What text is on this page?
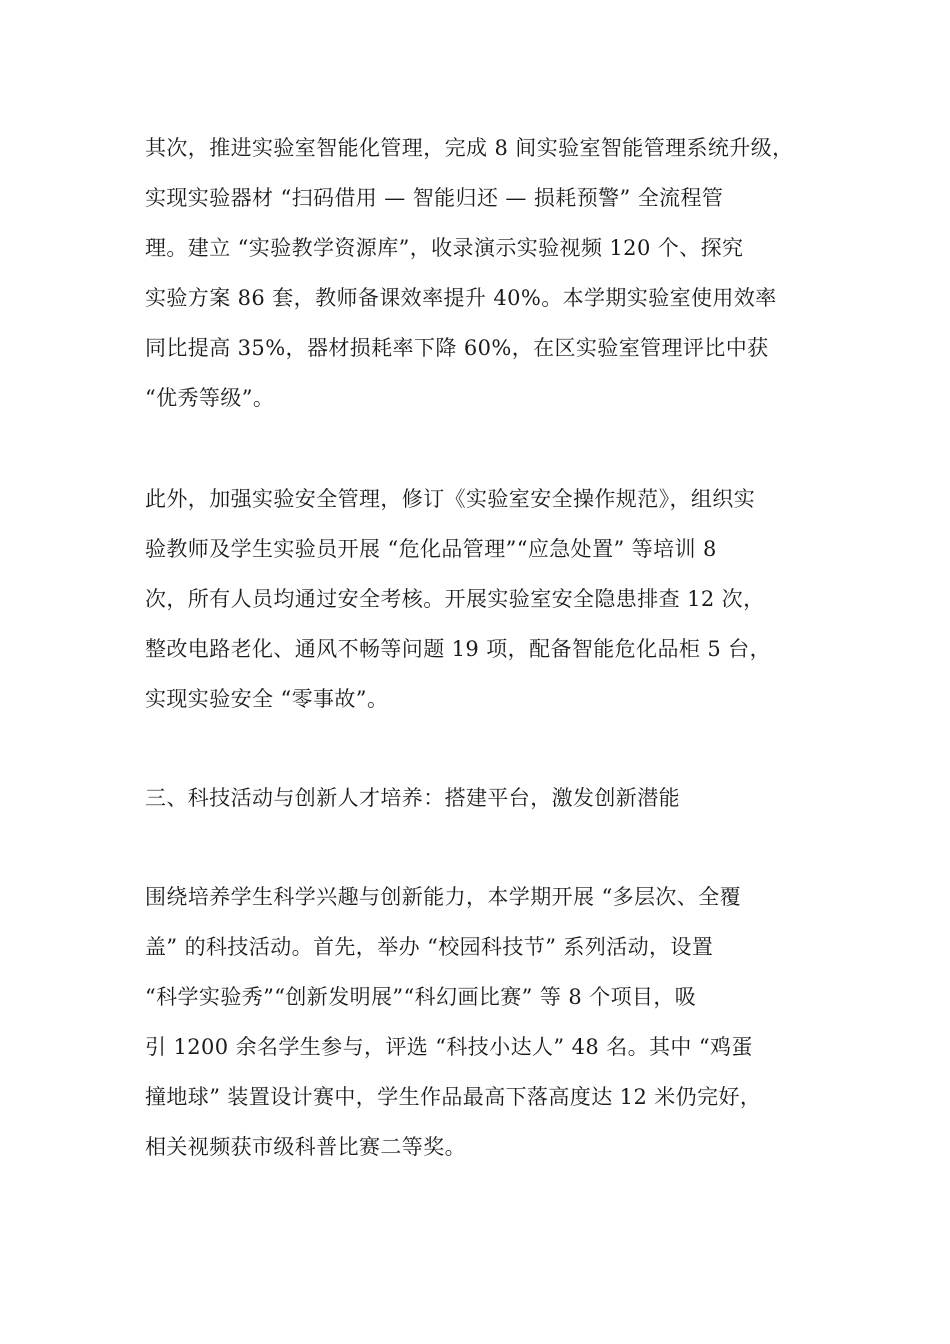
其次，推进实验室智能化管理，完成 8 间实验室智能管理系统升级，
实现实验器材 “扫码借用 — 智能归还 — 损耗预警” 全流程管
理。建立 “实验教学资源库”，收录演示实验视频 120 个、探究
实验方案 86 套，教师备课效率提升 40%。本学期实验室使用效率
同比提高 35%，器材损耗率下降 60%，在区实验室管理评比中获
“优秀等级”。
此外，加强实验安全管理，修订《实验室安全操作规范》，组织实
验教师及学生实验员开展 “危化品管理”“应急处置” 等培训 8
次，所有人员均通过安全考核。开展实验室安全隐患排查 12 次，
整改电路老化、通风不畅等问题 19 项，配备智能危化品柜 5 台，
实现实验安全 “零事故”。
三、科技活动与创新人才培养：搭建平台，激发创新潜能
围绕培养学生科学兴趣与创新能力，本学期开展 “多层次、全覆
盖” 的科技活动。首先，举办 “校园科技节” 系列活动，设置
“科学实验秀”“创新发明展”“科幻画比赛” 等 8 个项目，吸
引 1200 余名学生参与，评选 “科技小达人” 48 名。其中 “鸡蛋
撞地球” 装置设计赛中，学生作品最高下落高度达 12 米仍完好，
相关视频获市级科普比赛二等奖。
